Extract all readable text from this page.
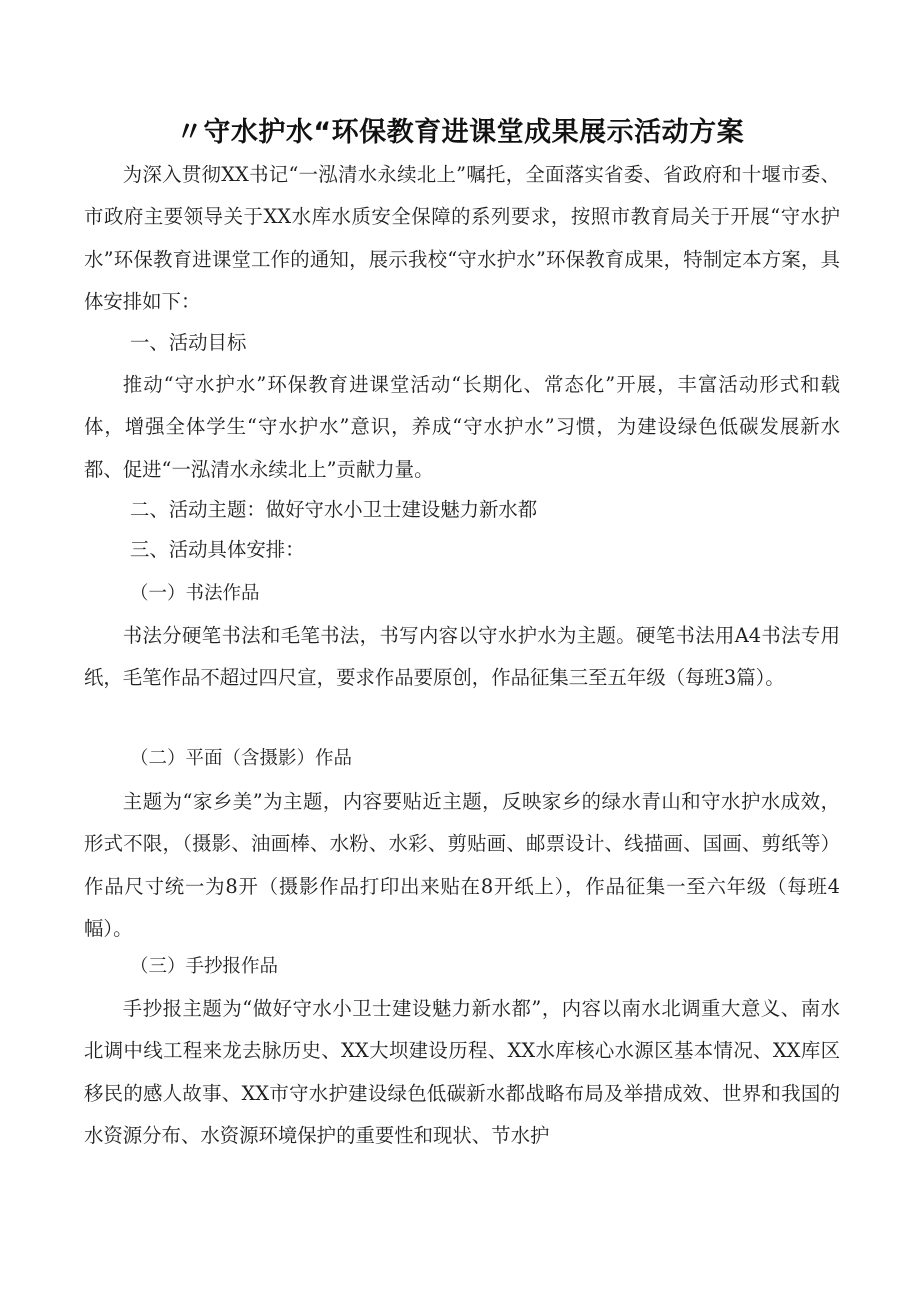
〃守水护水“环保教育进课堂成果展示活动方案
为深入贯彻XX书记“一泓清水永续北上”嘱托，全面落实省委、省政府和十堰市委、市政府主要领导关于XX水库水质安全保障的系列要求，按照市教育局关于开展“守水护水”环保教育进课堂工作的通知，展示我校“守水护水”环保教育成果，特制定本方案，具体安排如下：
一、活动目标
推动“守水护水”环保教育进课堂活动“长期化、常态化”开展，丰富活动形式和载体，增强全体学生“守水护水”意识，养成“守水护水”习惯，为建设绿色低碳发展新水都、促进“一泓清水永续北上”贡献力量。
二、活动主题：做好守水小卫士建设魅力新水都
三、活动具体安排：
（一）书法作品
书法分硬笔书法和毛笔书法，书写内容以守水护水为主题。硬笔书法用A4书法专用纸，毛笔作品不超过四尺宣，要求作品要原创，作品征集三至五年级（每班3篇）。
（二）平面（含摄影）作品
主题为“家乡美”为主题，内容要贴近主题，反映家乡的绿水青山和守水护水成效，形式不限，（摄影、油画棒、水粉、水彩、剪贴画、邮票设计、线描画、国画、剪纸等）作品尺寸统一为8开（摄影作品打印出来贴在8开纸上），作品征集一至六年级（每班4幅）。
（三）手抄报作品
手抄报主题为“做好守水小卫士建设魅力新水都”，内容以南水北调重大意义、南水北调中线工程来龙去脉历史、XX大坝建设历程、XX水库核心水源区基本情况、XX库区移民的感人故事、XX市守水护建设绿色低碳新水都战略布局及举措成效、世界和我国的水资源分布、水资源环境保护的重要性和现状、节水护
